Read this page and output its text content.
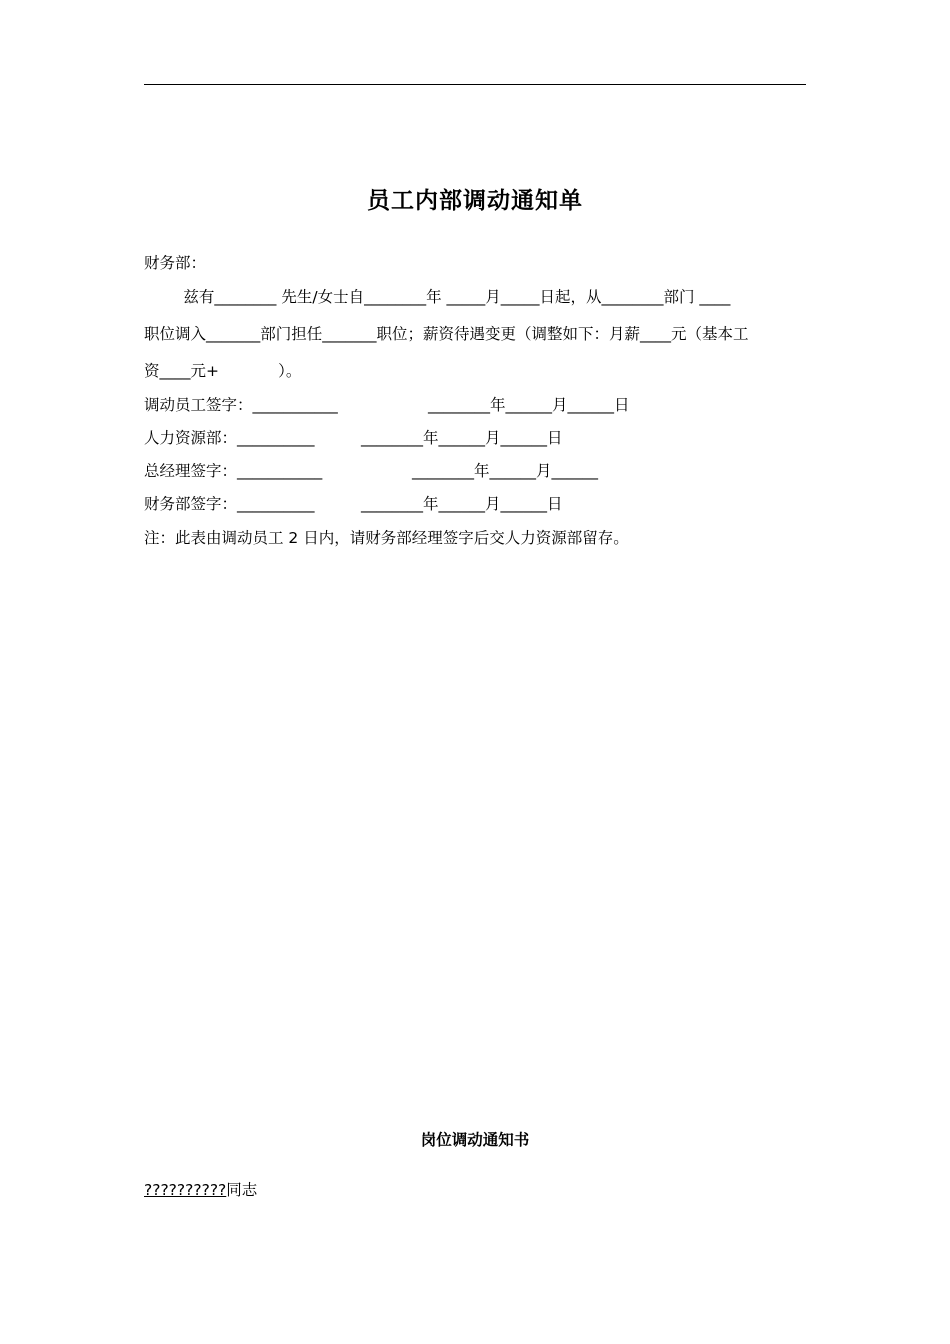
员工内部调动通知单
财务部：
兹有________ 先生/女士自________年 _____月_____日起，从________部门 ____
职位调入_______部门担任_______职位；薪资待遇变更（调整如下：月薪____元（基本工
资____元+            ）。
调动员工签字：___________	________年______月______日
人力资源部：__________	________年______月______日
总经理签字：___________	________年______月______
财务部签字：__________	________年______月______日
注：此表由调动员工 2 日内，请财务部经理签字后交人力资源部留存。
岗位调动通知书
??????????同志
